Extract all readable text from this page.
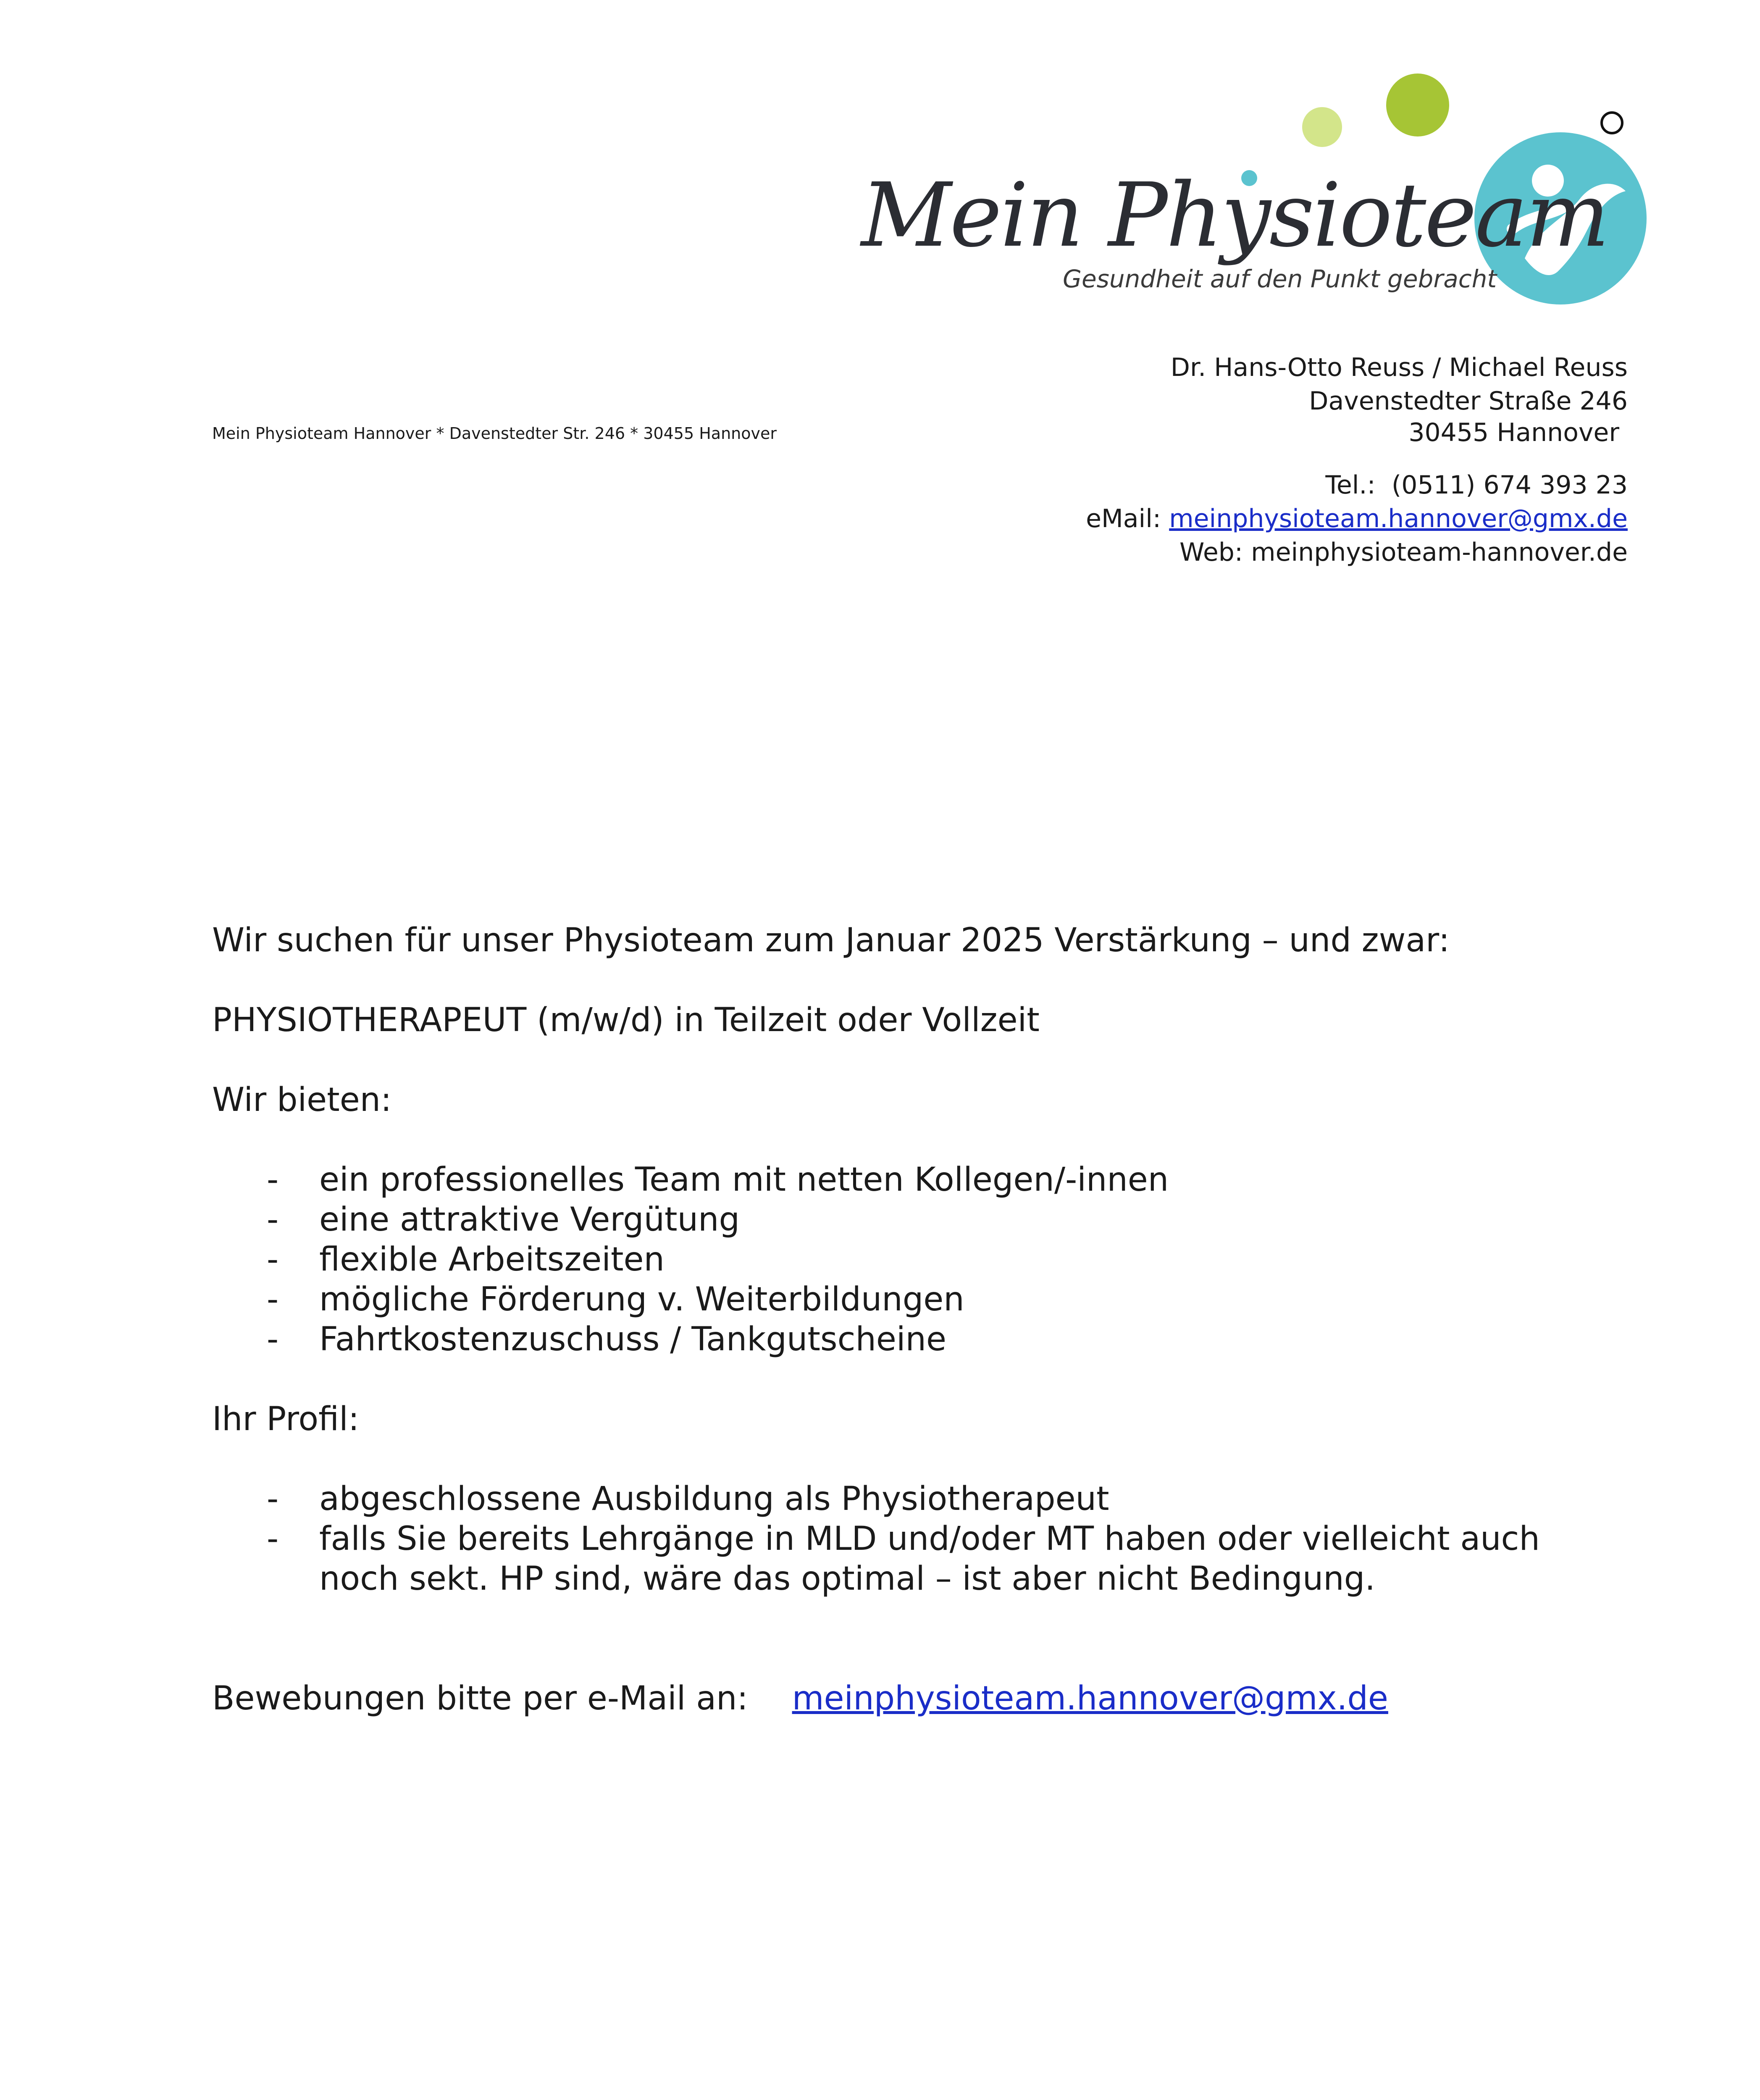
Mein Physioteam
Gesundheit auf den Punkt gebracht
Mein Physioteam Hannover * Davenstedter Str. 246 * 30455 Hannover
Dr. Hans-Otto Reuss / Michael Reuss
Davenstedter Straße 246
30455 Hannover
Tel.: (0511) 674 393 23
eMail: meinphysioteam.hannover@gmx.de
Web: meinphysioteam-hannover.de
Wir suchen für unser Physioteam zum Januar 2025 Verstärkung – und zwar:
PHYSIOTHERAPEUT (m/w/d) in Teilzeit oder Vollzeit
Wir bieten:
- ein professionelles Team mit netten Kollegen/-innen
- eine attraktive Vergütung
- flexible Arbeitszeiten
- mögliche Förderung v. Weiterbildungen
- Fahrtkostenzuschuss / Tankgutscheine
Ihr Profil:
- abgeschlossene Ausbildung als Physiotherapeut
- falls Sie bereits Lehrgänge in MLD und/oder MT haben oder vielleicht auch
noch sekt. HP sind, wäre das optimal – ist aber nicht Bedingung.
Bewebungen bitte per e-Mail an: meinphysioteam.hannover@gmx.de
